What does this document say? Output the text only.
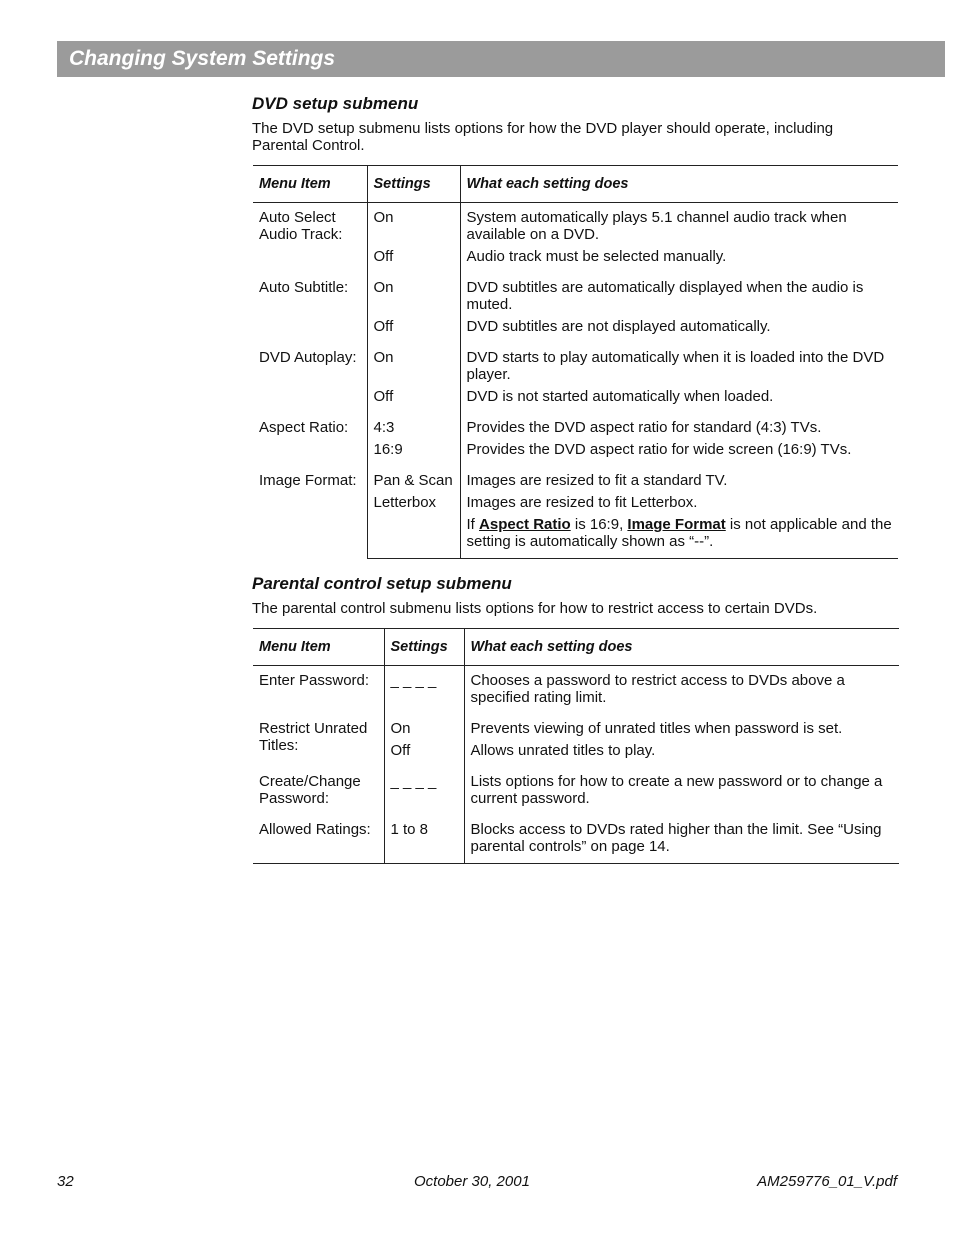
Changing System Settings
DVD setup submenu
The DVD setup submenu lists options for how the DVD player should operate, including Parental Control.
Menu Item	Settings	What each setting does

Auto Select
Audio Track:	On	System automatically plays 5.1 channel audio track when available on a DVD.
	Off	Audio track must be selected manually.
Auto Subtitle:	On	DVD subtitles are automatically displayed when the audio is muted.
	Off	DVD subtitles are not displayed automatically.
DVD Autoplay:	On	DVD starts to play automatically when it is loaded into the DVD player.
	Off	DVD is not started automatically when loaded.
Aspect Ratio:	4:3	Provides the DVD aspect ratio for standard (4:3) TVs.
	16:9	Provides the DVD aspect ratio for wide screen (16:9) TVs.
Image Format:	Pan & Scan	Images are resized to fit a standard TV.
	Letterbox	Images are resized to fit Letterbox.
		If Aspect Ratio is 16:9, Image Format is not applicable and the setting is automatically shown as “--”.
Parental control setup submenu
The parental control submenu lists options for how to restrict access to certain DVDs.
Menu Item	Settings	What each setting does
Enter Password:	_ _ _ _	Chooses a password to restrict access to DVDs above a specified rating limit.

Restrict Unrated
Titles:	On	Prevents viewing of unrated titles when password is set.
	Off	Allows unrated titles to play.

Create/Change
Password:	_ _ _ _	Lists options for how to create a new password or to change a current password.
Allowed Ratings:	1 to 8	Blocks access to DVDs rated higher than the limit. See “Using parental controls” on page 14.
32	October 30, 2001	AM259776_01_V.pdf
